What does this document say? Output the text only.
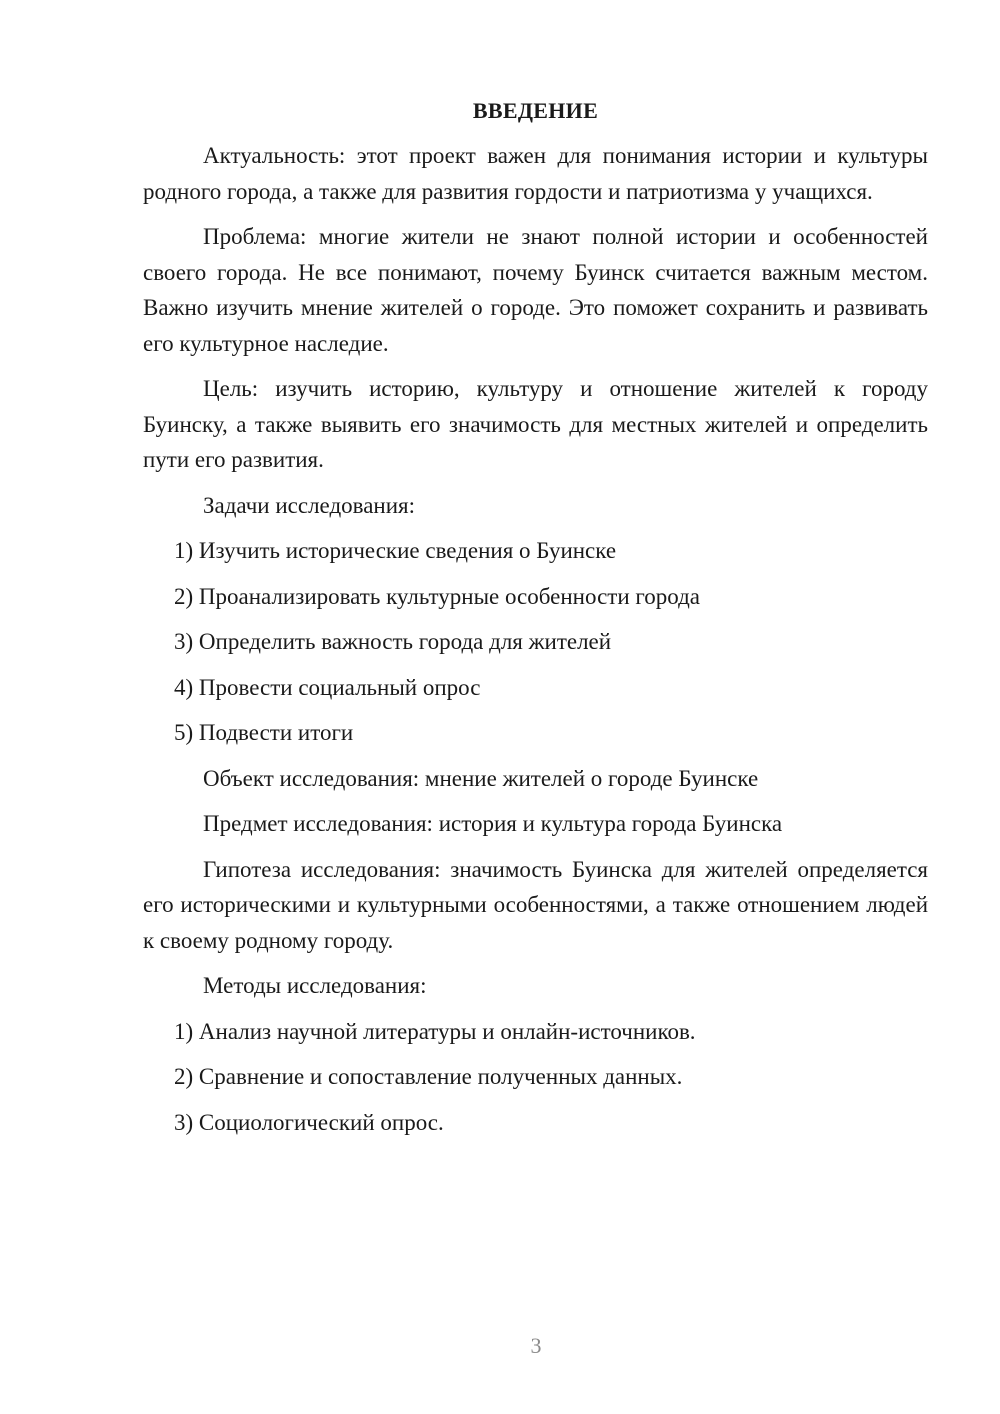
ВВЕДЕНИЕ

Актуальность: этот проект важен для понимания истории и культуры родного города, а также для развития гордости и патриотизма у учащихся.

Проблема: многие жители не знают полной истории и особенностей своего города. Не все понимают, почему Буинск считается важным местом. Важно изучить мнение жителей о городе. Это поможет сохранить и развивать его культурное наследие.

Цель: изучить историю, культуру и отношение жителей к городу Буинску, а также выявить его значимость для местных жителей и определить пути его развития.

Задачи исследования:
1) Изучить исторические сведения о Буинске
2) Проанализировать культурные особенности города
3) Определить важность города для жителей
4) Провести социальный опрос
5) Подвести итоги
Объект исследования: мнение жителей о городе Буинске
Предмет исследования: история и культура города Буинска

Гипотеза исследования: значимость Буинска для жителей определяется его историческими и культурными особенностями, а также отношением людей к своему родному городу.

Методы исследования:
1) Анализ научной литературы и онлайн-источников.
2) Сравнение и сопоставление полученных данных.
3) Социологический опрос.
3
